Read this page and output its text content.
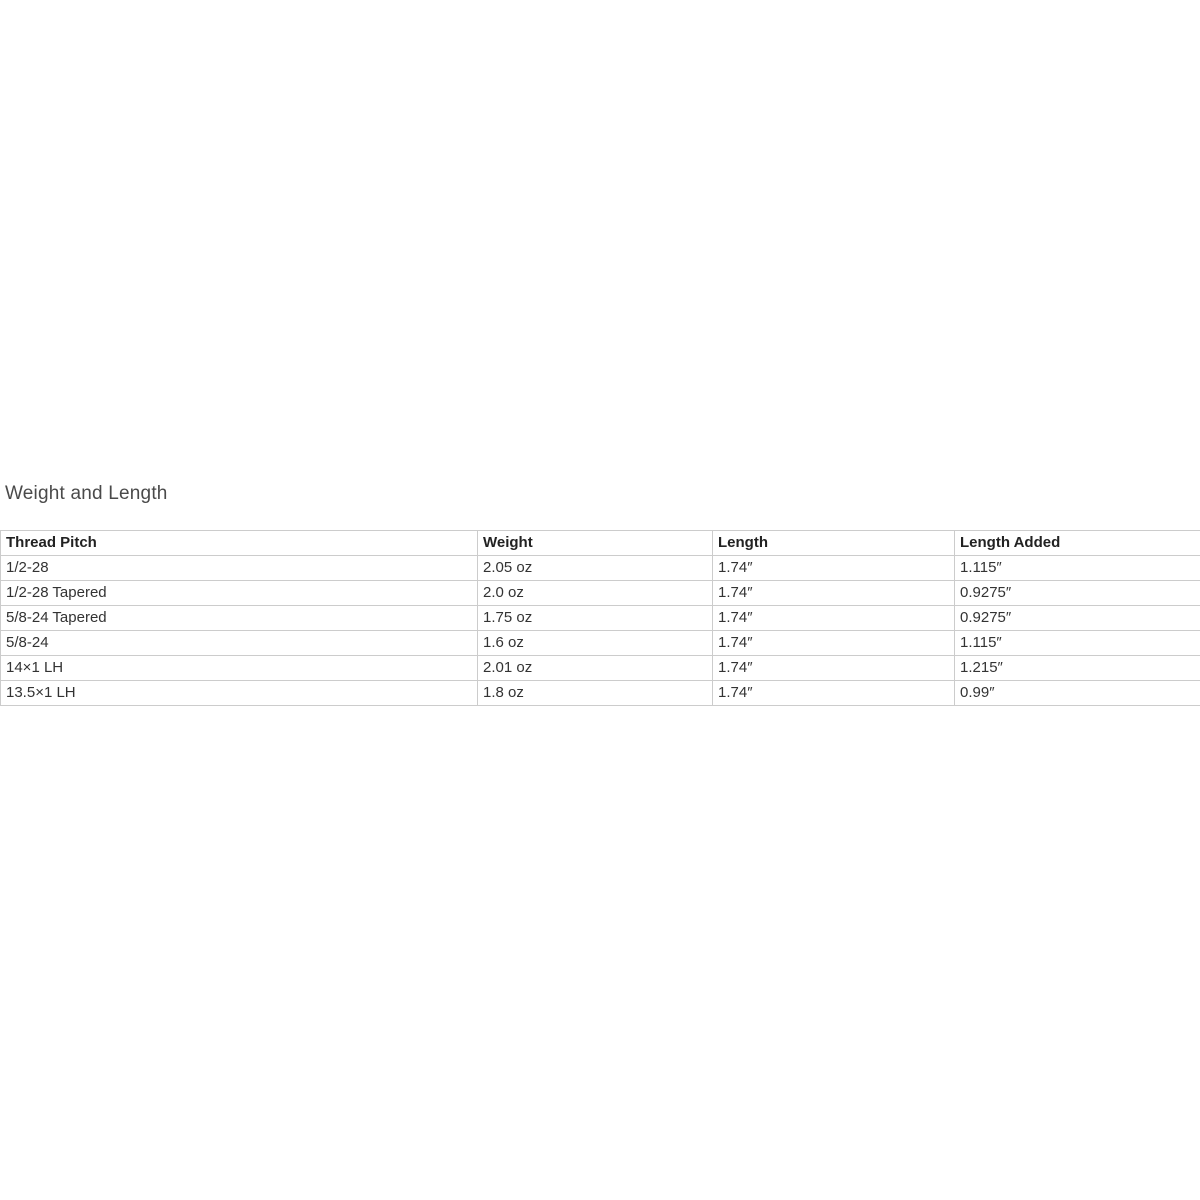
Weight and Length
Thread Pitch	Weight	Length	Length Added
1/2-28	2.05 oz	1.74″	1.115″
1/2-28 Tapered	2.0 oz	1.74″	0.9275″
5/8-24 Tapered	1.75 oz	1.74″	0.9275″
5/8-24	1.6 oz	1.74″	1.115″
14×1 LH	2.01 oz	1.74″	1.215″
13.5×1 LH	1.8 oz	1.74″	0.99″
